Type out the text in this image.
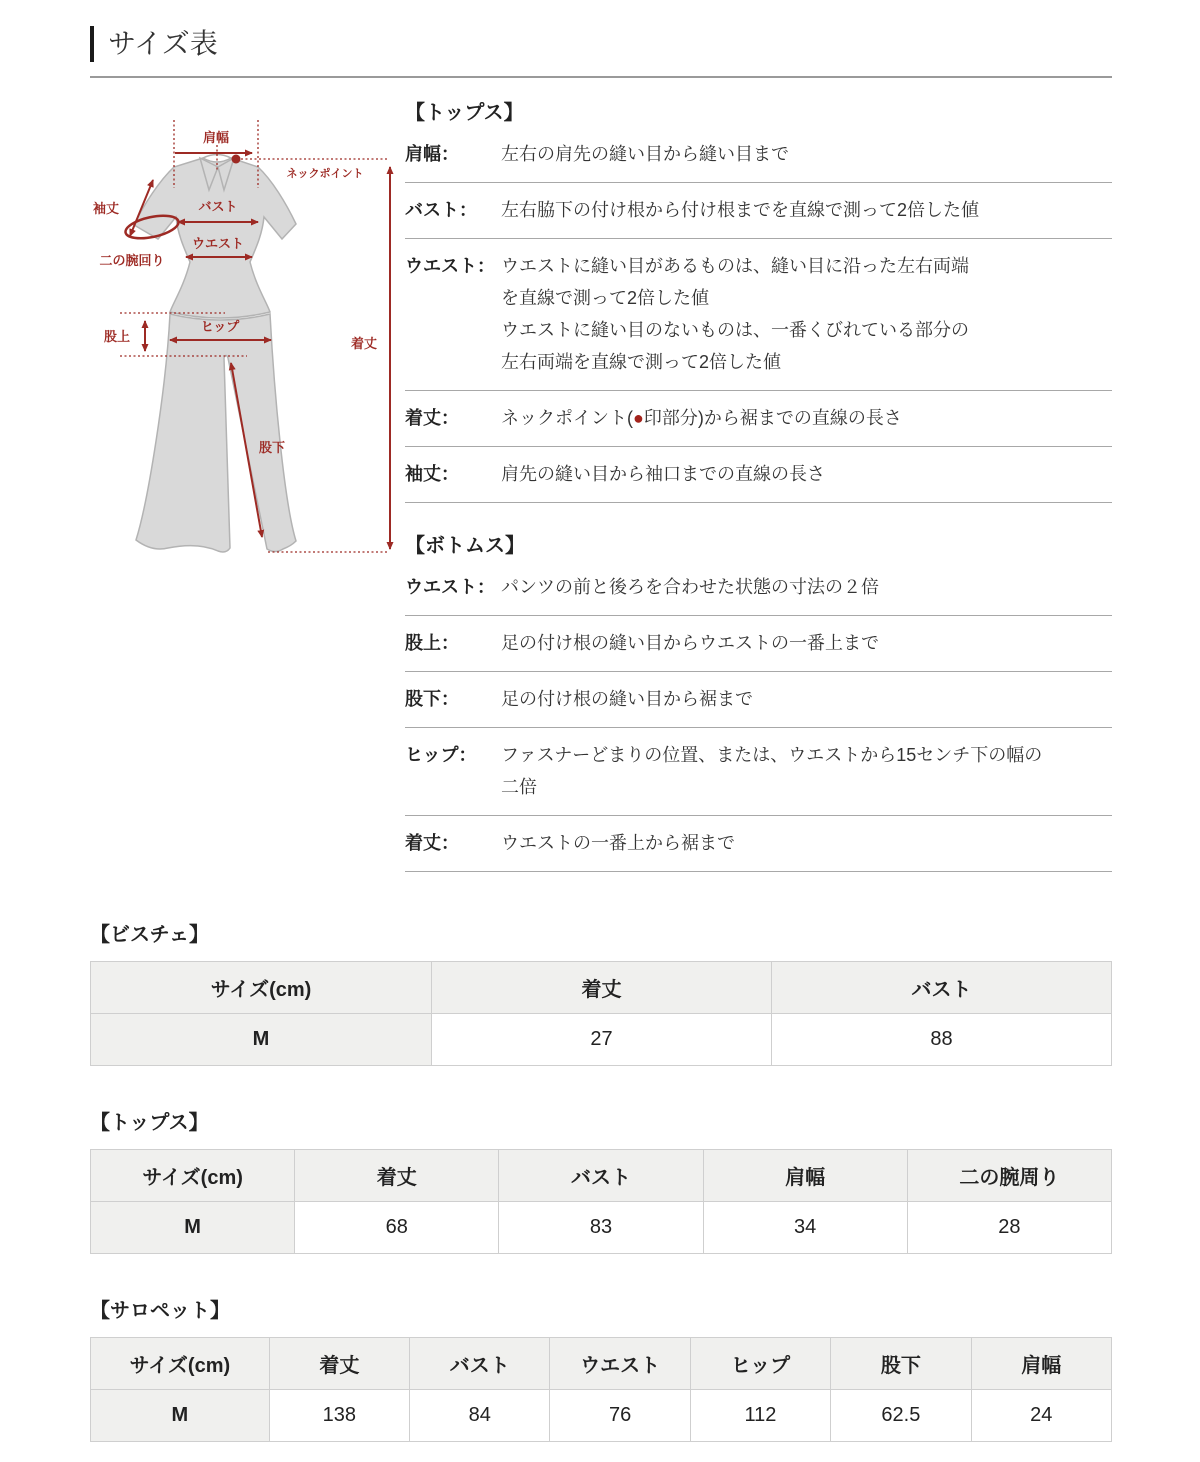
サイズ表
肩幅
ネックポイント
袖丈	バスト
ウエスト
二の腕回り
股上
ヒップ
股下
着丈
【トップス】
肩幅：	左右の肩先の縫い目から縫い目まで
バスト：	左右脇下の付け根から付け根までを直線で測って2倍した値
ウエスト： ウエストに縫い目があるものは、縫い目に沿った左右両端
を直線で測って2倍した値
ウエストに縫い目のないものは、一番くびれている部分の
左右両端を直線で測って2倍した値
着丈：	ネックポイント(●印部分)から裾までの直線の長さ
袖丈：	肩先の縫い目から袖口までの直線の長さ
【ボトムス】
ウエスト： パンツの前と後ろを合わせた状態の寸法の２倍
股上：	足の付け根の縫い目からウエストの一番上まで
股下：	足の付け根の縫い目から裾まで
ヒップ：	ファスナーどまりの位置、または、ウエストから15センチ下の幅の
二倍
着丈：	ウエストの一番上から裾まで
【ビスチェ】
サイズ(cm)	着丈	バスト
M	27	88
【トップス】
サイズ(cm)	着丈	バスト	肩幅	二の腕周り
M	68	83	34	28
【サロペット】
サイズ(cm)	着丈	バスト	ウエスト	ヒップ	股下	肩幅
M	138	84	76	112	62.5	24
